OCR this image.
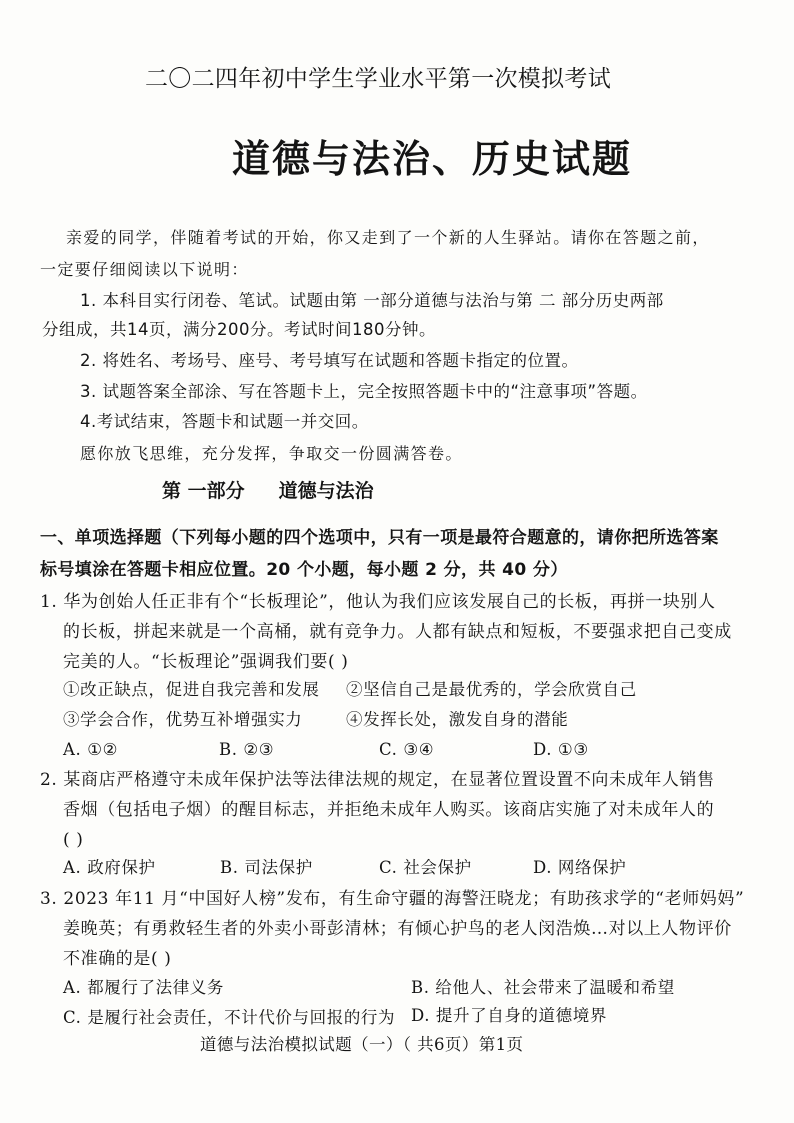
二〇二四年初中学生学业水平第一次模拟考试
道德与法治、历史试题
亲爱的同学，伴随着考试的开始，你又走到了一个新的人生驿站。请你在答题之前，
一定要仔细阅读以下说明：
1. 本科目实行闭卷、笔试。试题由第 一部分道德与法治与第 二 部分历史两部
分组成，共14页，满分200分。考试时间180分钟。
2. 将姓名、考场号、座号、考号填写在试题和答题卡指定的位置。
3. 试题答案全部涂、写在答题卡上，完全按照答题卡中的“注意事项”答题。
4.考试结束，答题卡和试题一并交回。
愿你放飞思维，充分发挥，争取交一份圆满答卷。
第 一部分 道德与法治
一、单项选择题（下列每小题的四个选项中，只有一项是最符合题意的，请你把所选答案
标号填涂在答题卡相应位置。20 个小题，每小题 2 分，共 40 分）
1. 华为创始人任正非有个“长板理论”，他认为我们应该发展自己的长板，再拼一块别人
的长板，拼起来就是一个高桶，就有竞争力。人都有缺点和短板，不要强求把自己变成
完美的人。“长板理论”强调我们要( )
①改正缺点，促进自我完善和发展 ②坚信自己是最优秀的，学会欣赏自己
③学会合作，优势互补增强实力	④发挥长处，激发自身的潜能
A. ①②	B. ②③	C. ③④	D. ①③
2. 某商店严格遵守未成年保护法等法律法规的规定，在显著位置设置不向未成年人销售
香烟（包括电子烟）的醒目标志，并拒绝未成年人购买。该商店实施了对未成年人的
( )
A. 政府保护	B. 司法保护	C. 社会保护	D. 网络保护
3. 2023 年11 月“中国好人榜”发布，有生命守疆的海警汪晓龙；有助孩求学的“老师妈妈”
姜晚英；有勇救轻生者的外卖小哥彭清林；有倾心护鸟的老人闵浩焕…对以上人物评价
不准确的是( )
A. 都履行了法律义务	B. 给他人、社会带来了温暖和希望
C. 是履行社会责任，不计代价与回报的行为 D. 提升了自身的道德境界
道德与法治模拟试题（一）（ 共6页）第1页
